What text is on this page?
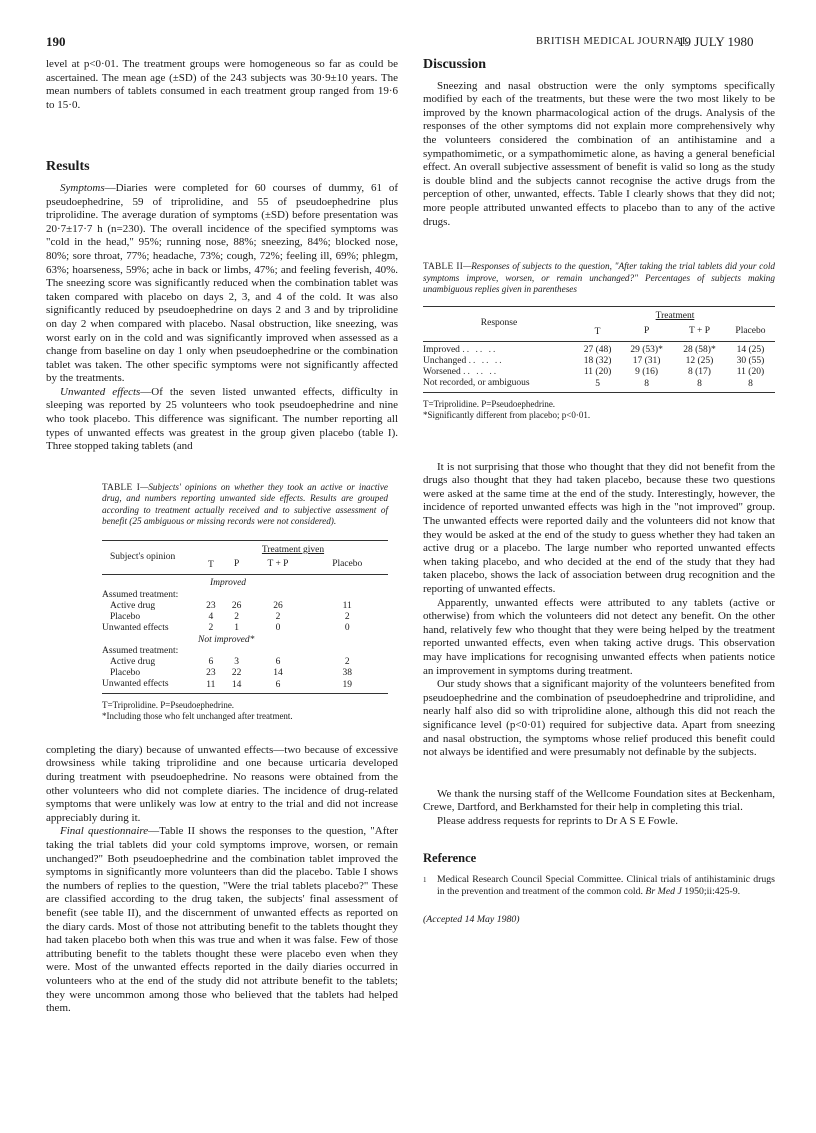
190	BRITISH MEDICAL JOURNAL
19 JULY 1980

level at p<0·01. The treatment groups were homogeneous so far as could be ascertained. The mean age (±SD) of the 243 subjects was 30·9±10 years. The mean numbers of tablets consumed in each treatment group ranged from 19·6 to 15·0.

Results

Symptoms—Diaries were completed for 60 courses of dummy, 61 of pseudoephedrine, 59 of triprolidine, and 55 of pseudoephedrine plus triprolidine. The average duration of symptoms (±SD) before presentation was 20·7±17·7 h (n=230). The overall incidence of the specified symptoms was "cold in the head," 95%; running nose, 88%; sneezing, 84%; blocked nose, 80%; sore throat, 77%; headache, 73%; cough, 72%; feeling ill, 69%; phlegm, 63%; hoarseness, 59%; ache in back or limbs, 47%; and feeling feverish, 40%. The sneezing score was significantly reduced when the combination tablet was taken compared with placebo on days 2, 3, and 4 of the cold. It was also significantly reduced by pseudoephedrine on days 2 and 3 and by triprolidine on day 2 when compared with placebo. Nasal obstruction, like sneezing, was worst early on in the cold and was significantly improved when assessed as a change from baseline on day 1 only when pseudoephedrine or the combination tablet was taken. The other specific symptoms were not significantly affected by the treatments.

Unwanted effects—Of the seven listed unwanted effects, difficulty in sleeping was reported by 25 volunteers who took pseudoephedrine and nine who took placebo. This difference was significant. The number reporting all types of unwanted effects was greatest in the group given placebo (table I). Three stopped taking tablets (and

TABLE I—Subjects' opinions on whether they took an active or inactive drug, and numbers reporting unwanted side effects. Results are grouped according to treatment actually received and to subjective assessment of benefit (25 ambiguous or missing records were not considered).
Subject's opinion	Treatment given			
	T	P	T + P	Placebo
	Improved			
Assumed treatment:				
Active drug	23	26	26	11
Placebo	4	2	2	2
Unwanted effects	2	1	0	0
	Not improved*			
Assumed treatment:				
Active drug	6	3	6	2
Placebo	23	22	14	38
Unwanted effects	11	14	6	19

T=Triprolidine. P=Pseudoephedrine.
*Including those who felt unchanged after treatment.

completing the diary) because of unwanted effects—two because of excessive drowsiness while taking triprolidine and one because urticaria developed during treatment with pseudoephedrine. No reasons were obtained from the other volunteers who did not complete diaries. The incidence of drug-related symptoms that were unlikely was low at entry to the trial and did not increase appreciably during it.

Final questionnaire—Table II shows the responses to the question, "After taking the trial tablets did your cold symptoms improve, worsen, or remain unchanged?" Both pseudoephedrine and the combination tablet improved the symptoms in significantly more volunteers than did the placebo. Table I shows the numbers of replies to the question, "Were the trial tablets placebo?" These are classified according to the drug taken, the subjects' final assessment of benefit (see table II), and the discernment of unwanted effects as reported on the diary cards. Most of those not attributing benefit to the tablets thought they had taken placebo both when this was true and when it was false. Few of those attributing benefit to the tablets thought these were placebo even when they were. Most of the unwanted effects reported in the daily diaries occurred in volunteers who at the end of the study did not attribute benefit to the tablets; they were uncommon among those who believed that the tablets had helped them.

Discussion

Sneezing and nasal obstruction were the only symptoms specifically modified by each of the treatments, but these were the two most likely to be improved by the known pharmacological action of the drugs. Analysis of the responses of the other symptoms did not explain more comprehensively why the volunteers considered the combination of an antihistamine and a sympathomimetic, or a sympathomimetic alone, as having a general beneficial effect. An overall subjective assessment of benefit is valid so long as the study is double blind and the subjects cannot recognise the active drugs from the perception of other, unwanted, effects. Table I clearly shows that they did not; more people attributed unwanted effects to placebo than to any of the active drugs.

TABLE II—Responses of subjects to the question, "After taking the trial tablets did your cold symptoms improve, worsen, or remain unchanged?" Percentages of subjects making unambiguous replies given in parentheses
Response	Treatment			
	T	P	T + P	Placebo
Improved .. .. ..	27 (48)	29 (53)*	28 (58)*	14 (25)
Unchanged .. .. ..	18 (32)	17 (31)	12 (25)	30 (55)
Worsened .. .. ..	11 (20)	9 (16)	8 (17)	11 (20)
Not recorded, or ambiguous	5	8	8	8

T=Triprolidine. P=Pseudoephedrine.
*Significantly different from placebo; p<0·01.

It is not surprising that those who thought that they did not benefit from the drugs also thought that they had taken placebo, because these two questions were asked at the same time at the end of the study. Interestingly, however, the incidence of reported unwanted effects was high in the "not improved" group. The unwanted effects were reported daily and the volunteers did not know that they would be asked at the end of the study to guess whether they had taken an active drug or a placebo. The large number who reported unwanted effects when taking placebo, and who decided at the end of the study that they had taken placebo, shows the lack of association between drug recognition and the reporting of unwanted effects.

Apparently, unwanted effects were attributed to any tablets (active or otherwise) from which the volunteers did not detect any benefit. On the other hand, relatively few who thought that they were being helped by the treatment reported unwanted effects, even when taking active drugs. This observation may have implications for recognising unwanted effects when patients notice an improvement in symptoms during treatment.

Our study shows that a significant majority of the volunteers benefited from pseudoephedrine and the combination of pseudoephedrine and triprolidine, and nearly half also did so with triprolidine alone, although this did not reach the significance level (p<0·01) required for subjective data. Apart from sneezing and nasal obstruction, the symptoms whose relief produced this benefit could not always be identified and were presumably not definable by the subjects.

We thank the nursing staff of the Wellcome Foundation sites at Beckenham, Crewe, Dartford, and Berkhamsted for their help in completing this trial.

Please address requests for reprints to Dr A S E Fowle.

Reference
1	Medical Research Council Special Committee. Clinical trials of antihistaminic drugs in the prevention and treatment of the common cold. Br Med J 1950;ii:425-9.
(Accepted 14 May 1980)
